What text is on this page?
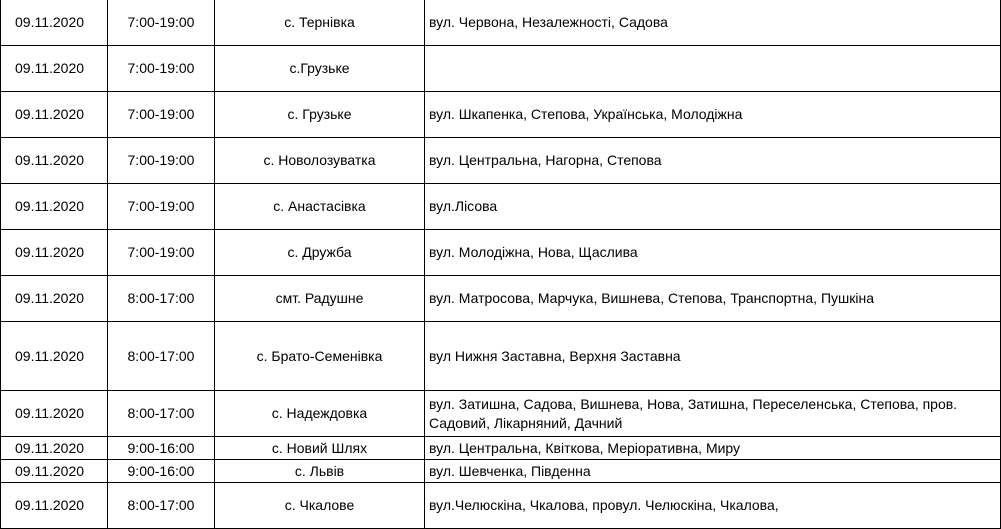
09.11.2020	7:00-19:00	с. Тернівка	вул. Червона, Незалежності, Садова
09.11.2020	7:00-19:00	с.Грузьке	
09.11.2020	7:00-19:00	с. Грузьке	вул. Шкапенка, Степова, Українська, Молодіжна
09.11.2020	7:00-19:00	с. Новолозуватка	вул. Центральна, Нагорна, Степова
09.11.2020	7:00-19:00	с. Анастасівка	вул.Лісова
09.11.2020	7:00-19:00	с. Дружба	вул. Молодіжна, Нова, Щаслива
09.11.2020	8:00-17:00	смт. Радушне	вул. Матросова, Марчука, Вишнева, Степова, Транспортна, Пушкіна
09.11.2020	8:00-17:00	с. Брато-Семенівка	вул Нижня Заставна, Верхня Заставна
09.11.2020	8:00-17:00	с. Надеждовка	вул. Затишна, Садова, Вишнева, Нова, Затишна, Переселенська, Степова, пров. Садовий, Лікарняний, Дачний
09.11.2020	9:00-16:00	с. Новий Шлях	вул. Центральна, Квіткова, Меріоративна, Миру
09.11.2020	9:00-16:00	с. Львів	вул. Шевченка, Південна
09.11.2020	8:00-17:00	с. Чкалове	вул.Челюскіна, Чкалова, провул. Челюскіна, Чкалова,
